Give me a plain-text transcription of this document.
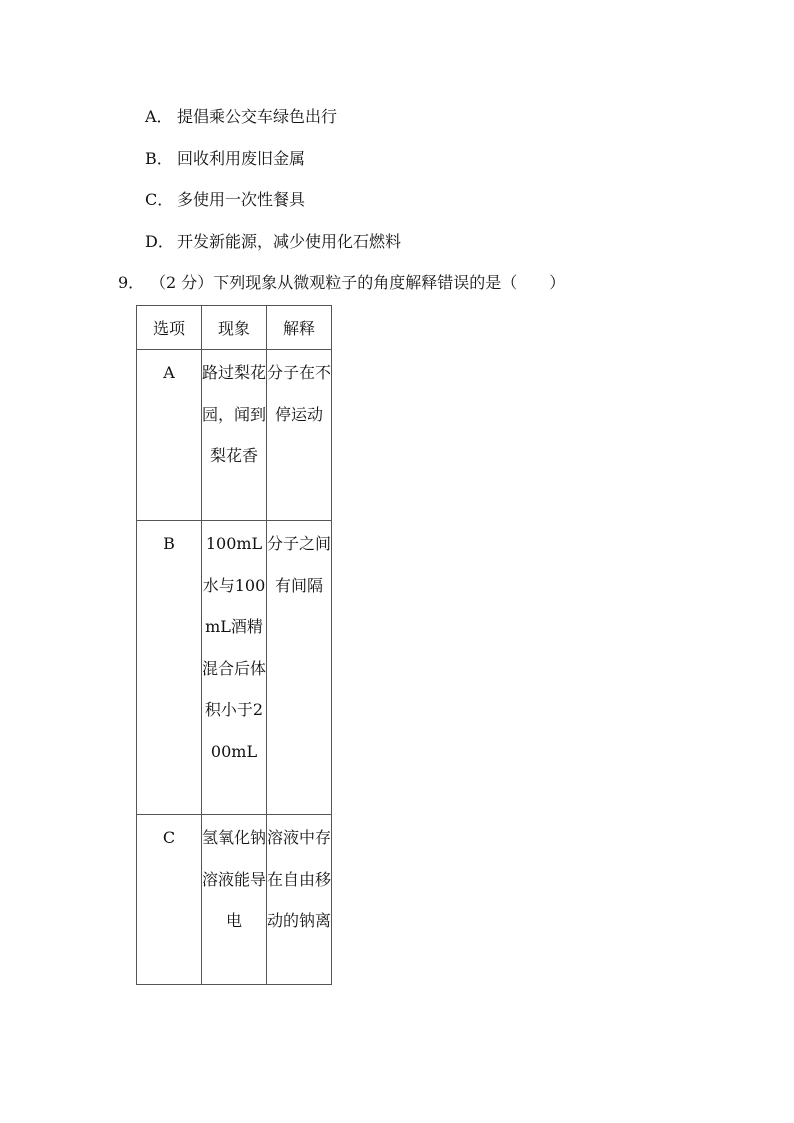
A． 提倡乘公交车绿色出行
B． 回收利用废旧金属
C． 多使用一次性餐具
D． 开发新能源，减少使用化石燃料
9． （2 分）下列现象从微观粒子的角度解释错误的是（　　）
选项	现象	解释

A	路过梨花园，闻到梨花香	分子在不停运动

B	100mL水与100mL酒精混合后体积小于200mL	分子之间有间隔

C	氢氧化钠溶液能导电	溶液中存在自由移动的钠离
